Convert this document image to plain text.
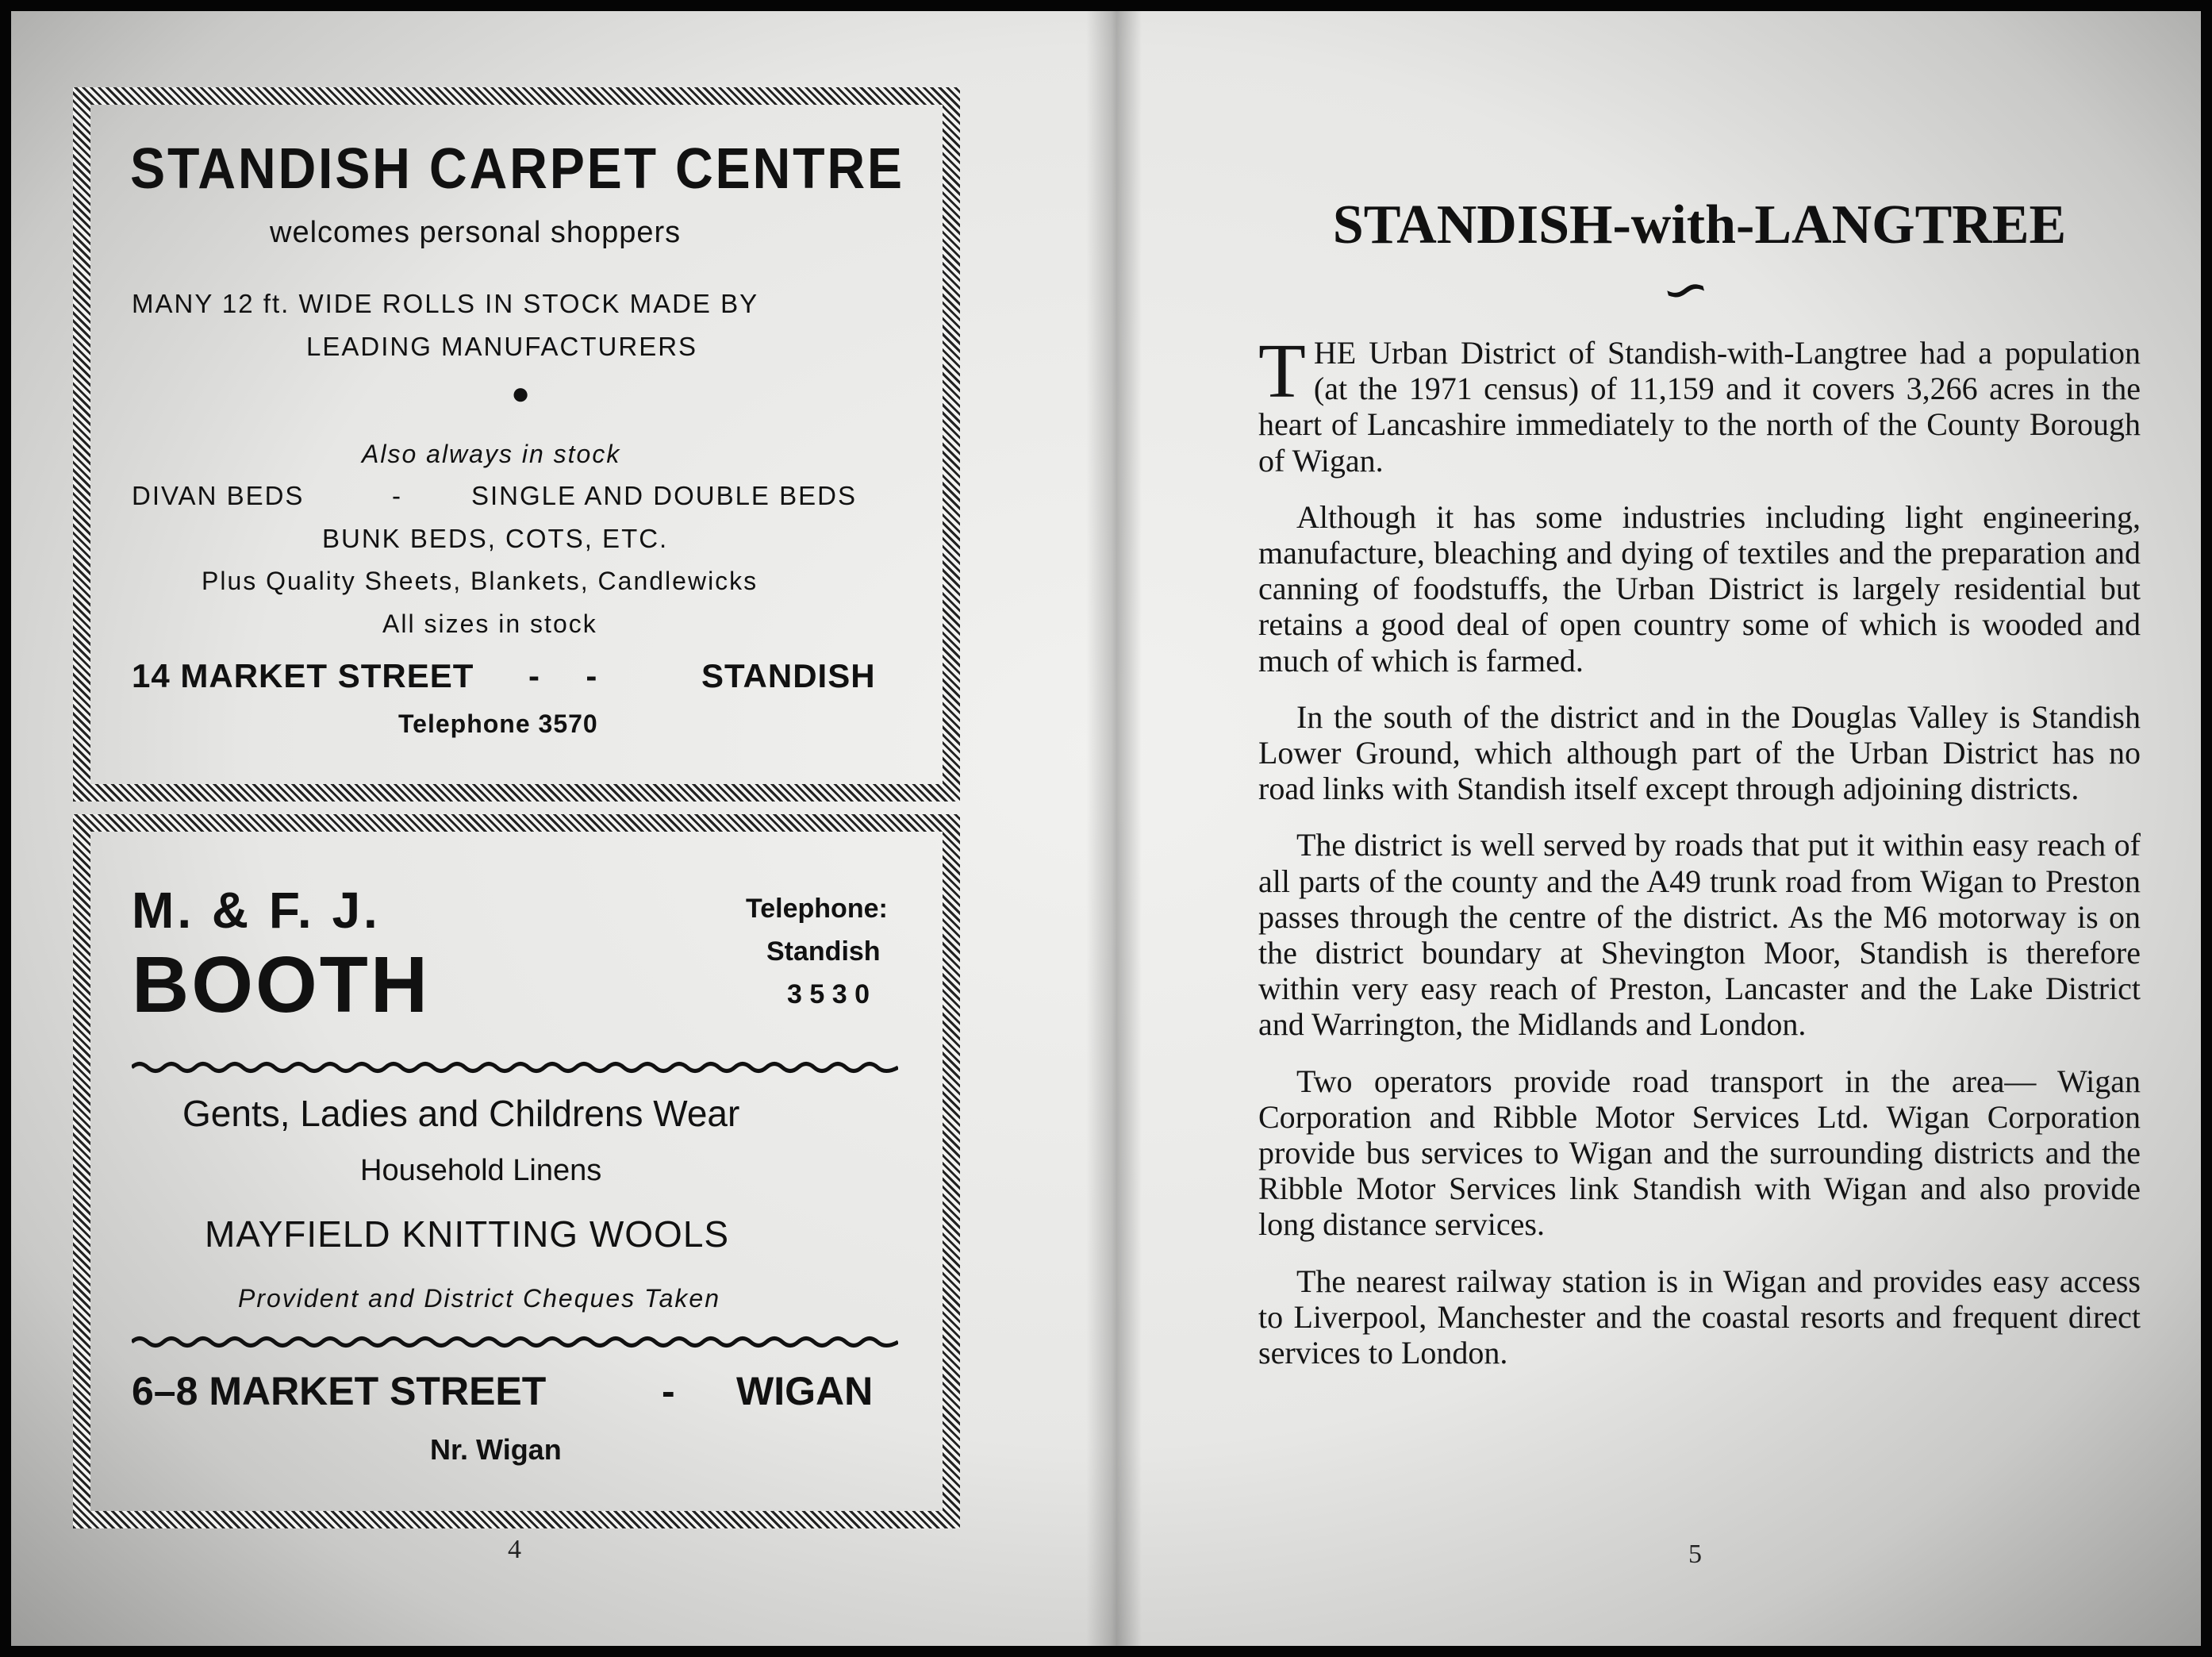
STANDISH CARPET CENTRE
welcomes personal shoppers
MANY 12 ft. WIDE ROLLS IN STOCK MADE BY
LEADING MANUFACTURERS
●
Also always in stock
DIVAN BEDS	-	SINGLE AND DOUBLE BEDS
BUNK BEDS, COTS, ETC.
Plus Quality Sheets, Blankets, Candlewicks
All sizes in stock
14 MARKET STREET -     -	STANDISH
Telephone 3570
M. & F. J.
BOOTH
Telephone:
Standish
3 5 3 0
Gents, Ladies and Childrens Wear
Household Linens
MAYFIELD KNITTING WOOLS
Provident and District Cheques Taken
6–8 MARKET STREET	- WIGAN
Nr. Wigan
4
STANDISH-with-LANGTREE
∽

THE Urban District of Standish-with-Langtree had a population (at the 1971 census) of 11,159 and it covers 3,266 acres in the heart of Lancashire immediately to the north of the County Borough of Wigan.

Although it has some industries including light engineering, manufacture, bleaching and dying of textiles and the preparation and canning of foodstuffs, the Urban District is largely residential but retains a good deal of open country some of which is wooded and much of which is farmed.

In the south of the district and in the Douglas Valley is Standish Lower Ground, which although part of the Urban District has no road links with Standish itself except through adjoining districts.

The district is well served by roads that put it within easy reach of all parts of the county and the A49 trunk road from Wigan to Preston passes through the centre of the district. As the M6 motorway is on the district boundary at Shevington Moor, Standish is therefore within very easy reach of Preston, Lancaster and the Lake District and Warrington, the Midlands and London.

Two operators provide road transport in the area— Wigan Corporation and Ribble Motor Services Ltd. Wigan Corporation provide bus services to Wigan and the surrounding districts and the Ribble Motor Services link Standish with Wigan and also provide long distance services.

The nearest railway station is in Wigan and provides easy access to Liverpool, Manchester and the coastal resorts and frequent direct services to London.

5
